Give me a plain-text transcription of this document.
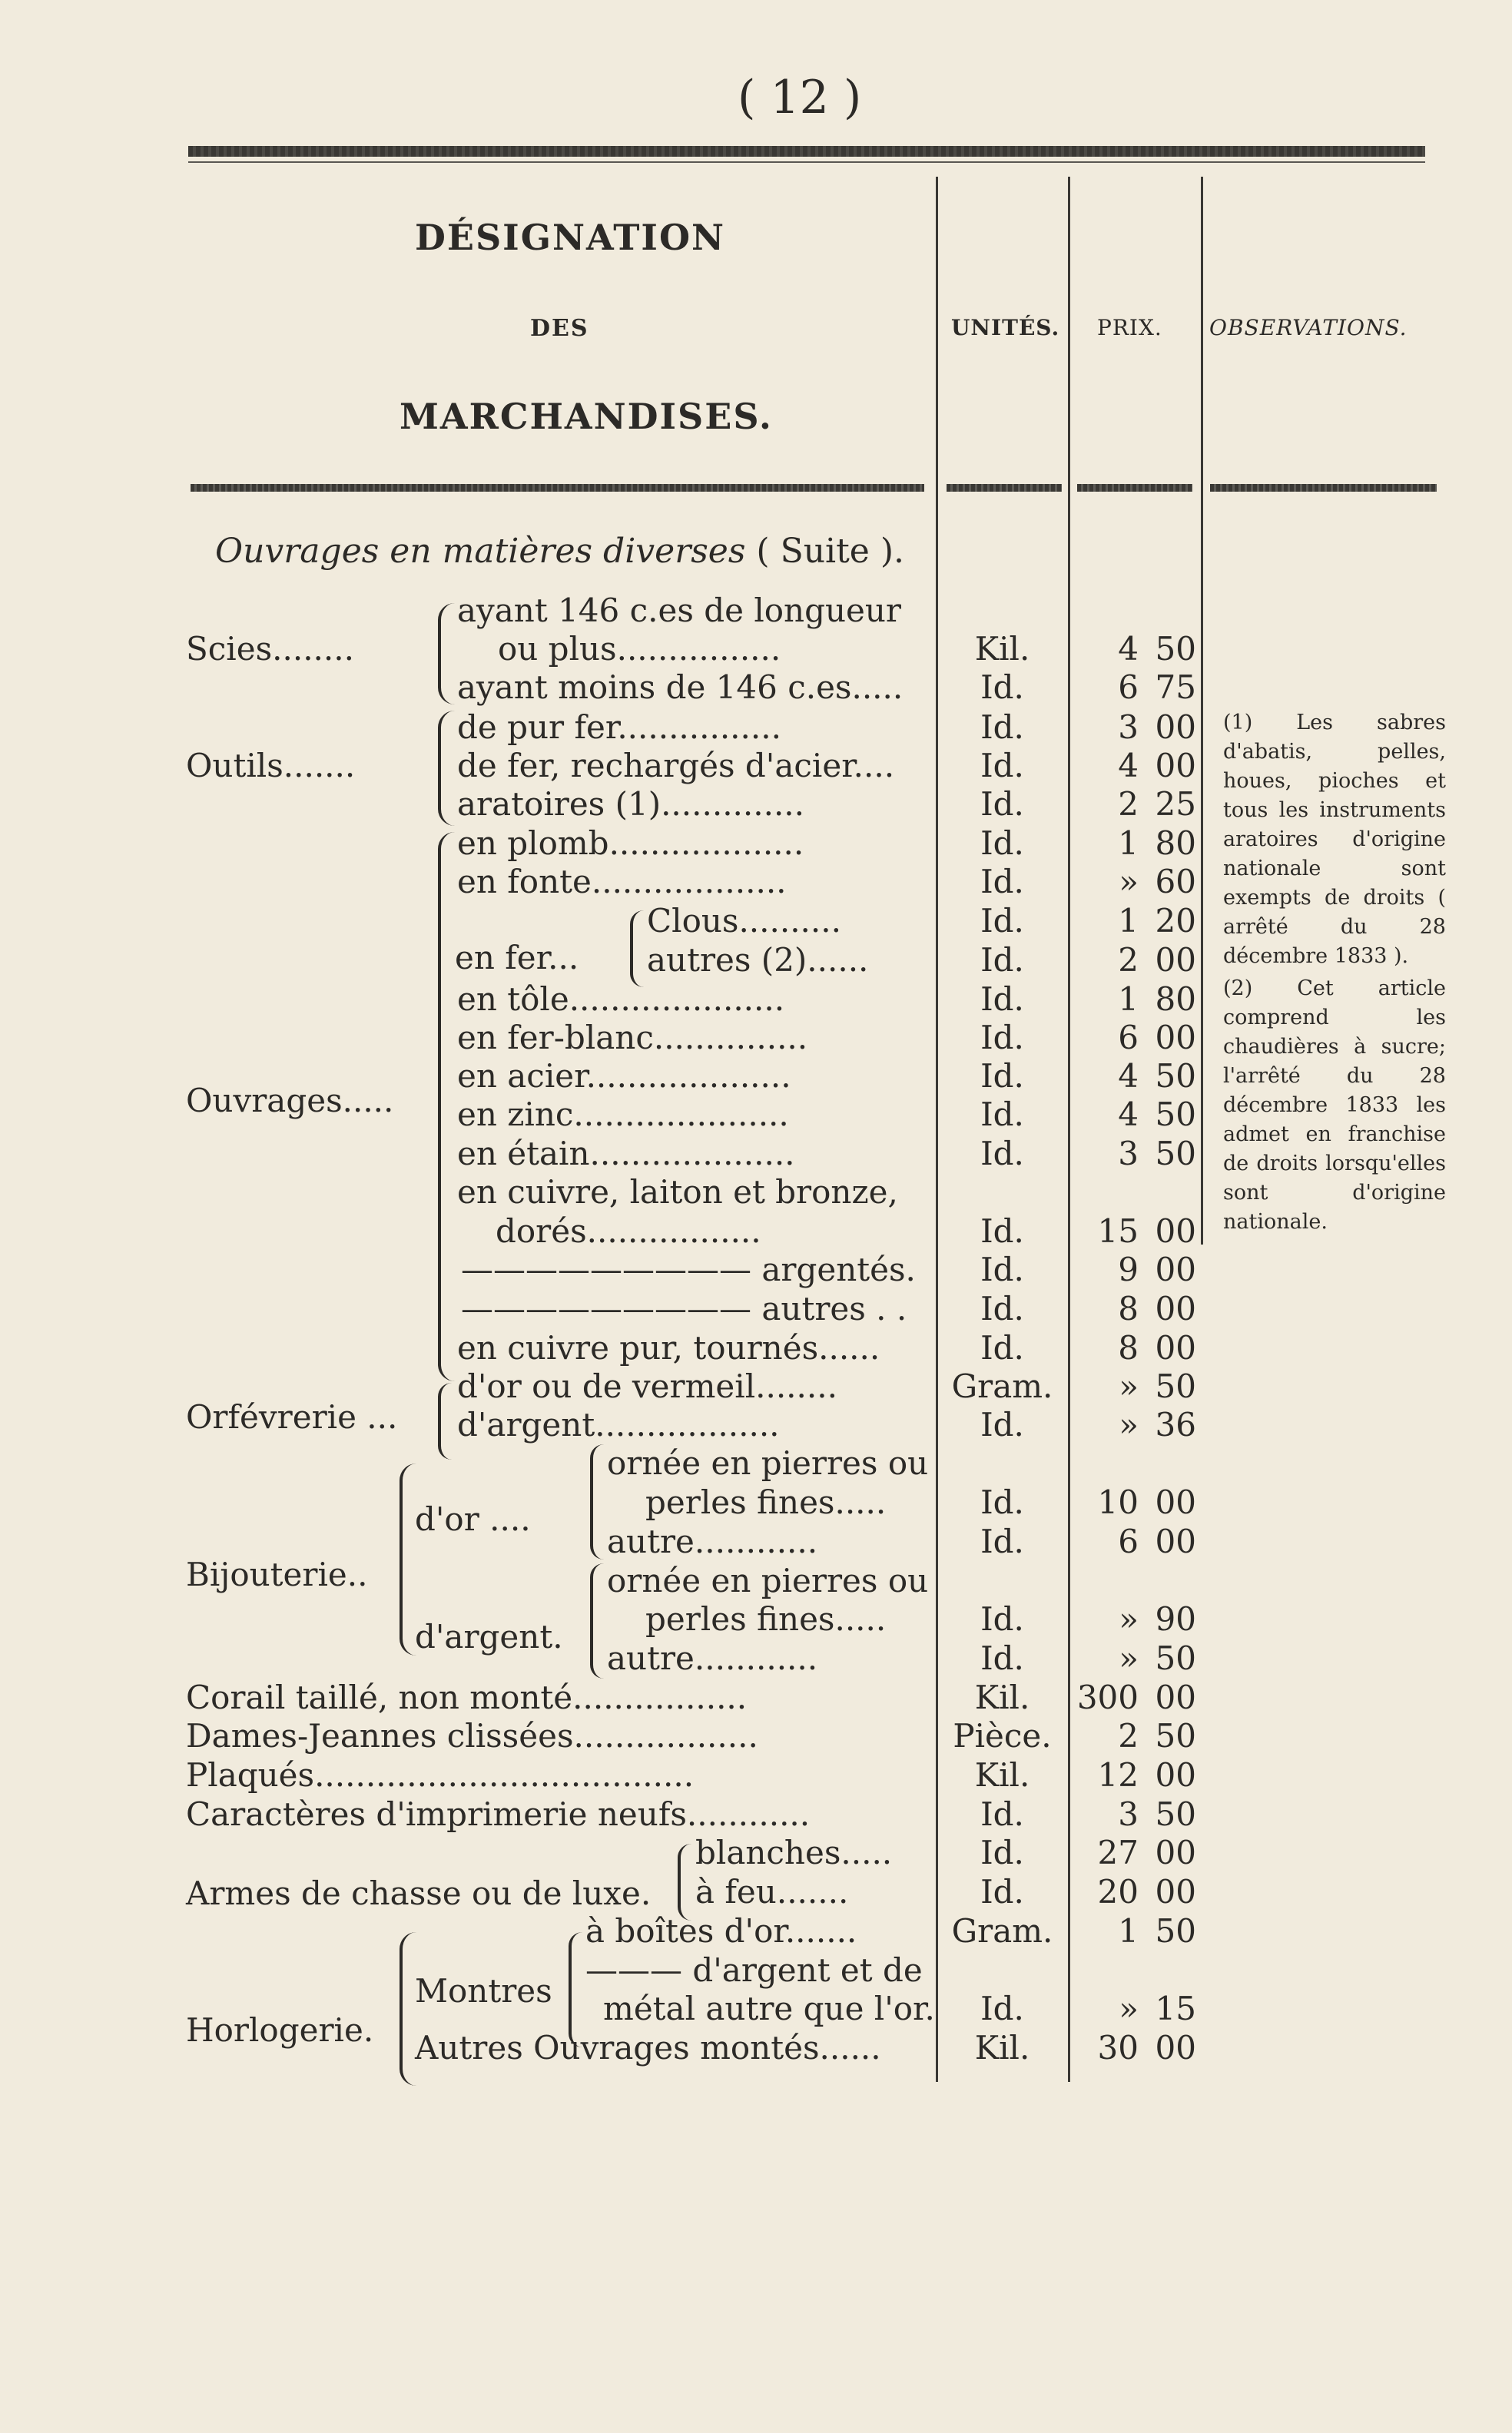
( 12 )
DÉSIGNATION
DES
MARCHANDISES.
UNITÉS. PRIX. OBSERVATIONS.
Ouvrages en matières diverses ( Suite ).
Scies........
Outils.......
Ouvrages.....
en fer...
Orfévrerie ...
Bijouterie..
d'or ....
d'argent.
Armes de chasse ou de luxe.
Horlogerie.
Montres
ayant 146 c.es de longueur
ou plus................
ayant moins de 146 c.es.....
de pur fer................
de fer, rechargés d'acier....
aratoires (1)..............
en plomb...................
en fonte...................
Clous..........
autres (2)......
en tôle.....................
en fer-blanc...............
en acier....................
en zinc.....................
en étain....................
en cuivre, laiton et bronze,
dorés.................
————————— argentés.
————————— autres . .
en cuivre pur, tournés......
d'or ou de vermeil........
d'argent..................
ornée en pierres ou
perles fines.....
autre............
ornée en pierres ou
perles fines.....
autre............
Corail taillé, non monté.................
Dames-Jeannes clissées..................
Plaqués.....................................
Caractères d'imprimerie neufs............
blanches.....
à feu.......
à boîtes d'or.......
——— d'argent et de
métal autre que l'or.
Autres Ouvrages montés......
Kil.
Id.
Id.
Id.
Id.
Id.
Id.
Id.
Id.
Id.
Id.
Id.
Id.
Id.
Id.
Id.
Id.
Id.
Gram.
Id.
Id.
Id.
Id.
Id.
Kil.
Pièce.
Kil.
Id.
Id.
Id.
Gram.
Id.
Kil.
4
6
3
4
2
1
»
1
2
1
6
4
4
3
15
9
8
8
»
»
10
6
»
»
300
2
12
3
27
20
1
»
30
50
75
00
00
25
80
60
20
00
80
00
50
50
50
00
00
00
00
50
36
00
00
90
50
00
50
00
50
00
00
50
15
00
(1) Les sabres d'abatis, pelles, houes, pioches et tous les instruments aratoires d'origine nationale sont exempts de droits ( arrêté du 28 décembre 1833 ).
(2) Cet article comprend les chaudières à sucre; l'arrêté du 28 décembre 1833 les admet en franchise de droits lorsqu'elles sont d'origine nationale.
